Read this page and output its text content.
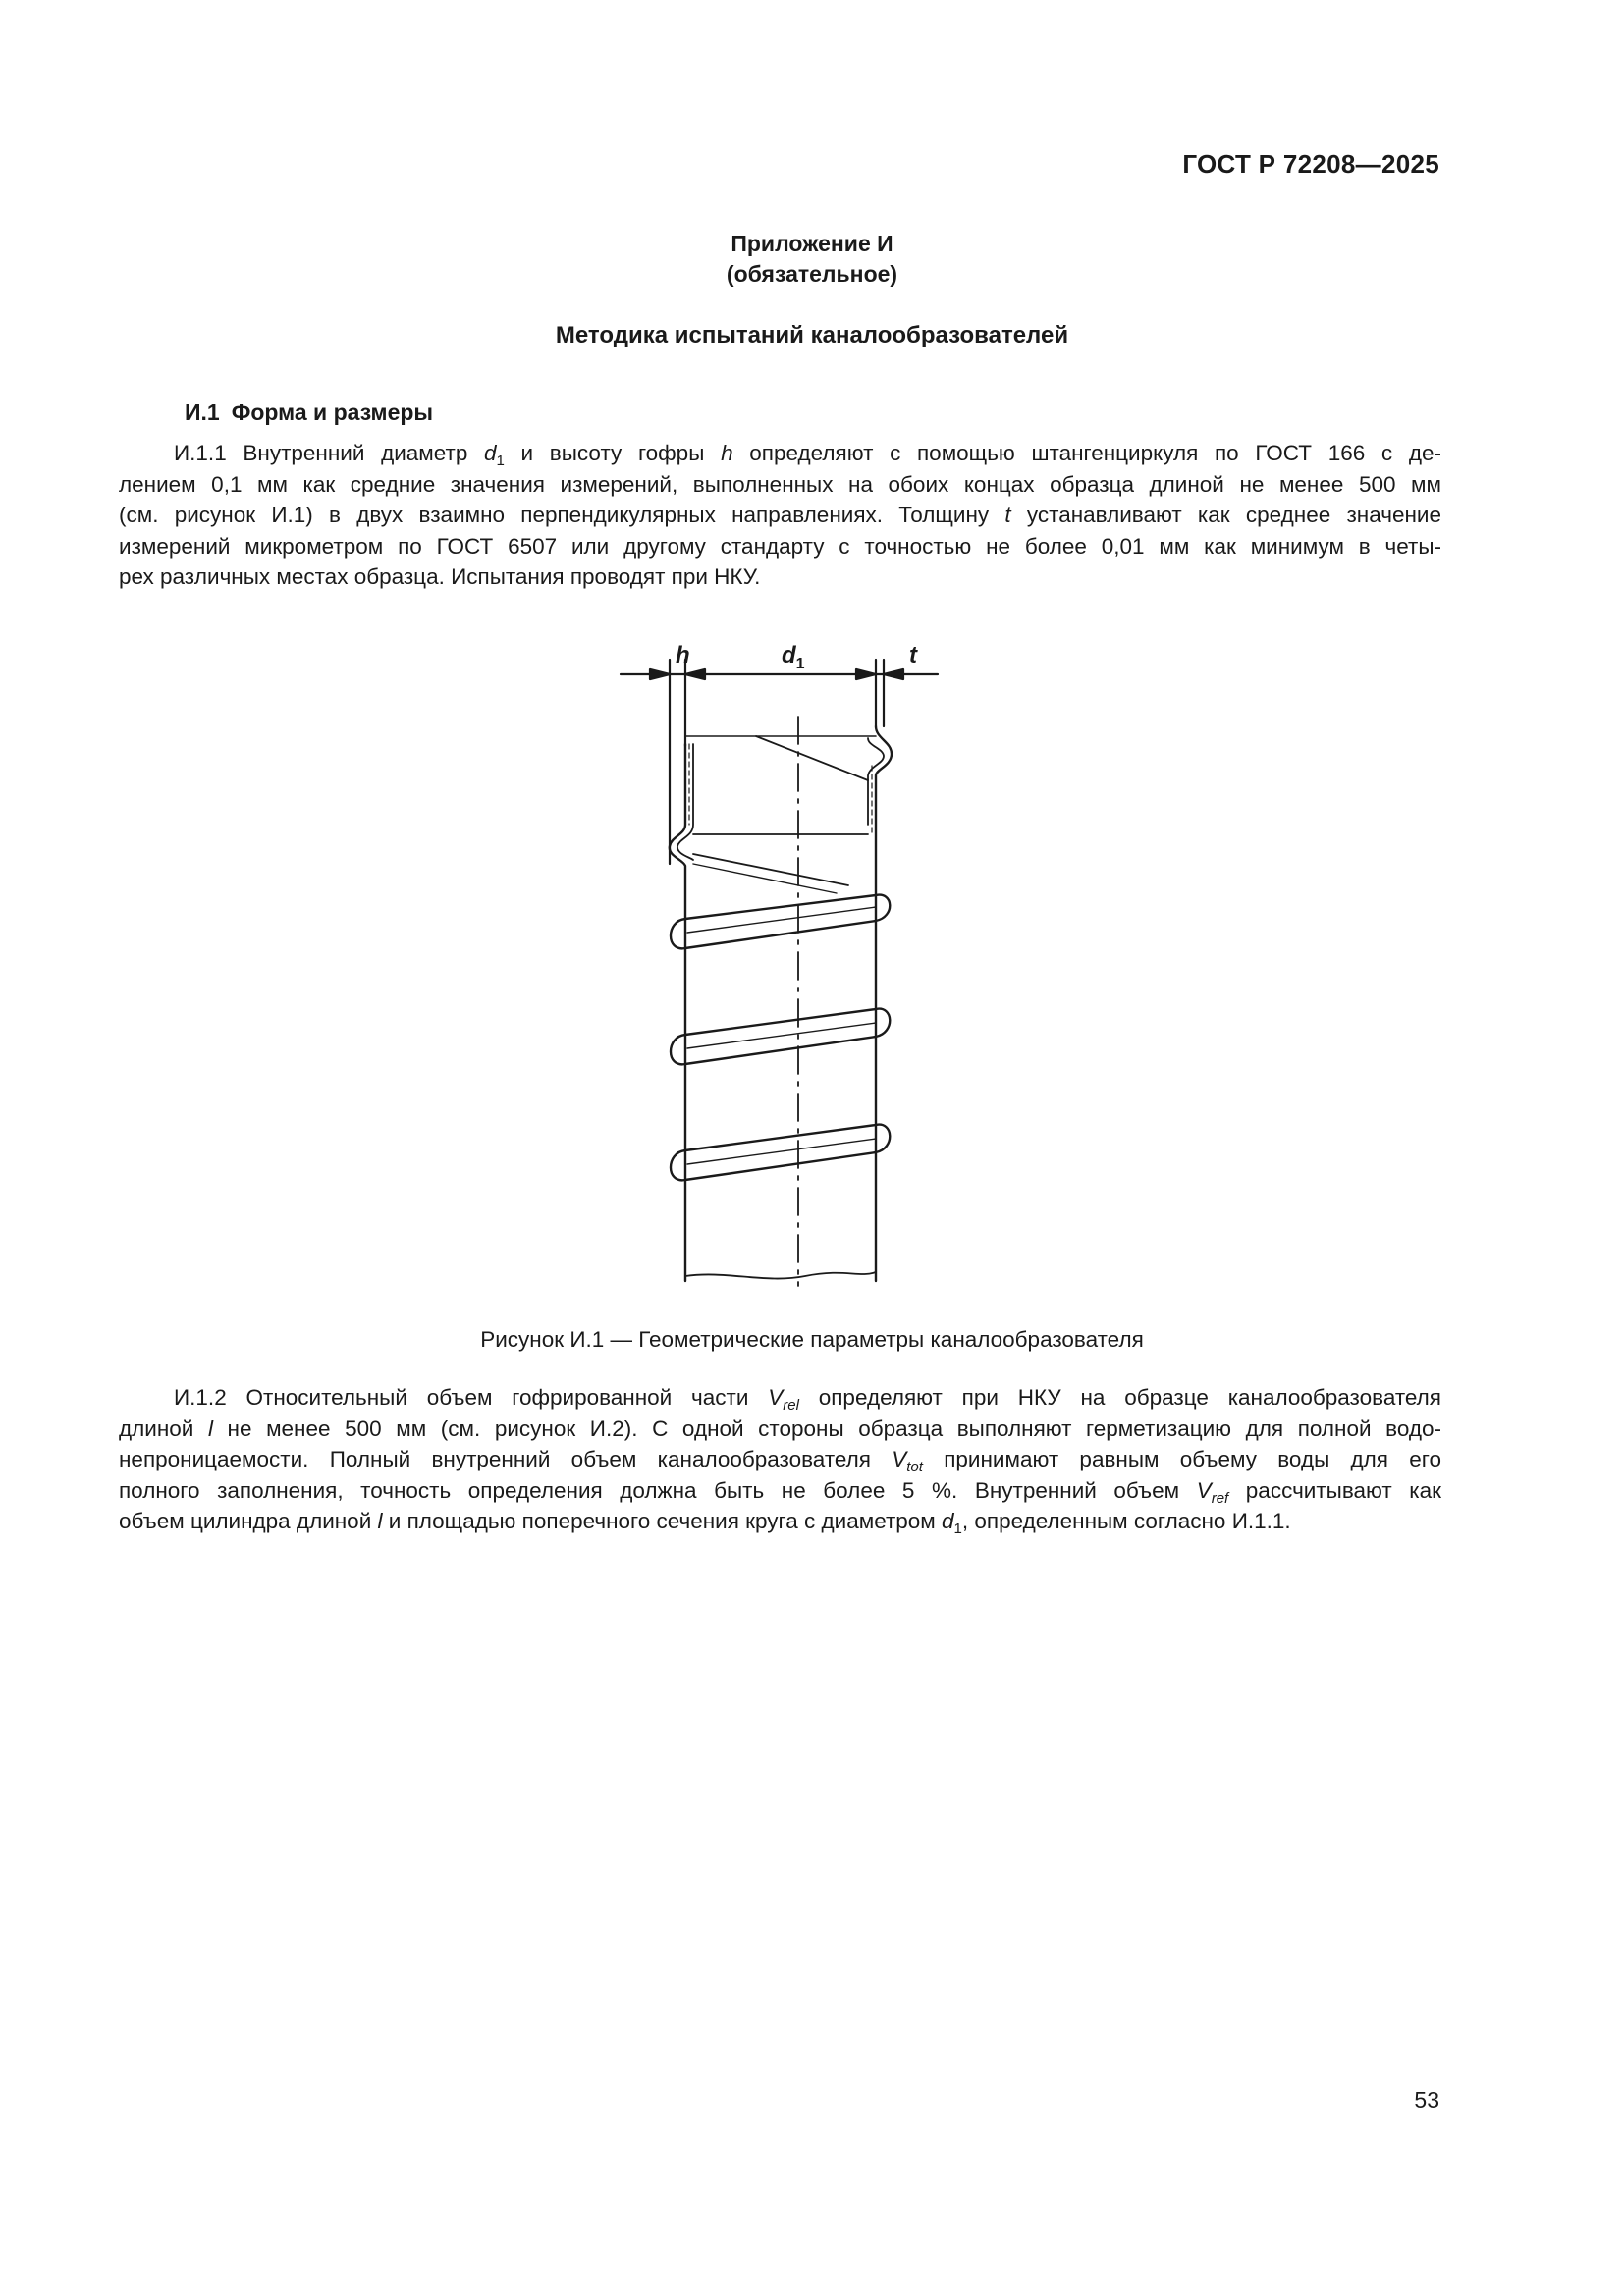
ГОСТ Р 72208—2025
Приложение И
(обязательное)
Методика испытаний каналообразователей
И.1 Форма и размеры
И.1.1 Внутренний диаметр $d_1$ и высоту гофры h определяют с помощью штангенциркуля по ГОСТ 166 с де-
лением 0,1 мм как средние значения измерений, выполненных на обоих концах образца длиной не менее 500 мм
(см. рисунок И.1) в двух взаимно перпендикулярных направлениях. Толщину t устанавливают как среднее значение
измерений микрометром по ГОСТ 6507 или другому стандарту с точностью не более 0,01 мм как минимум в четы-
рех различных местах образца. Испытания проводят при НКУ.
h	$d_1$	t
Рисунок И.1 — Геометрические параметры каналообразователя
И.1.2 Относительный объем гофрированной части $V_{rel}$ определяют при НКУ на образце каналообразователя
длиной l не менее 500 мм (см. рисунок И.2). С одной стороны образца выполняют герметизацию для полной водо-
непроницаемости. Полный внутренний объем каналообразователя $V_{tot}$ принимают равным объему воды для его
полного заполнения, точность определения должна быть не более 5 %. Внутренний объем $V_{ref}$ рассчитывают как
объем цилиндра длиной l и площадью поперечного сечения круга с диаметром $d_1$, определенным согласно И.1.1.
53
